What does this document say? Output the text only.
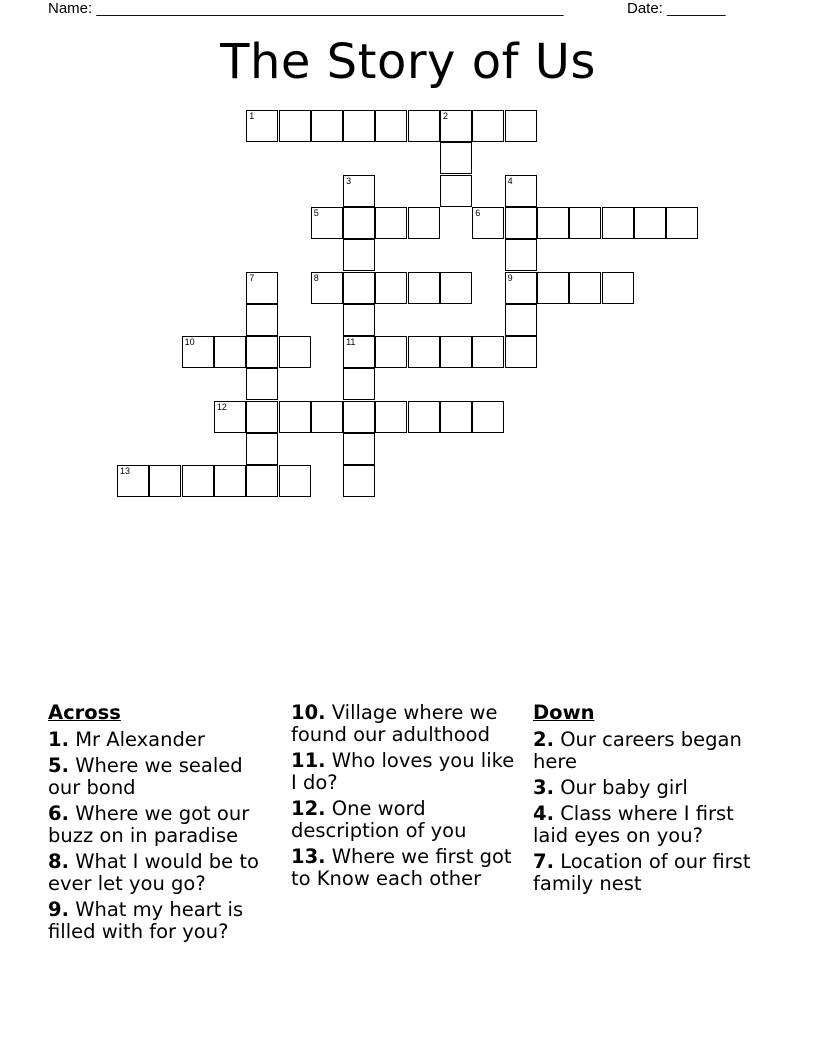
Name: ________________________________________________________	Date: _______
The Story of Us
1	2
3
11
4
9
5	6
7	8
10
12
13
Across
1. Mr Alexander
5. Where we sealed our bond
6. Where we got our buzz on in paradise
8. What I would be to ever let you go?
9. What my heart is filled with for you?
10. Village where we found our adulthood
11. Who loves you like I do?
12. One word description of you
13. Where we first got to Know each other
Down
2. Our careers began here
3. Our baby girl
4. Class where I first laid eyes on you?
7. Location of our first family nest
